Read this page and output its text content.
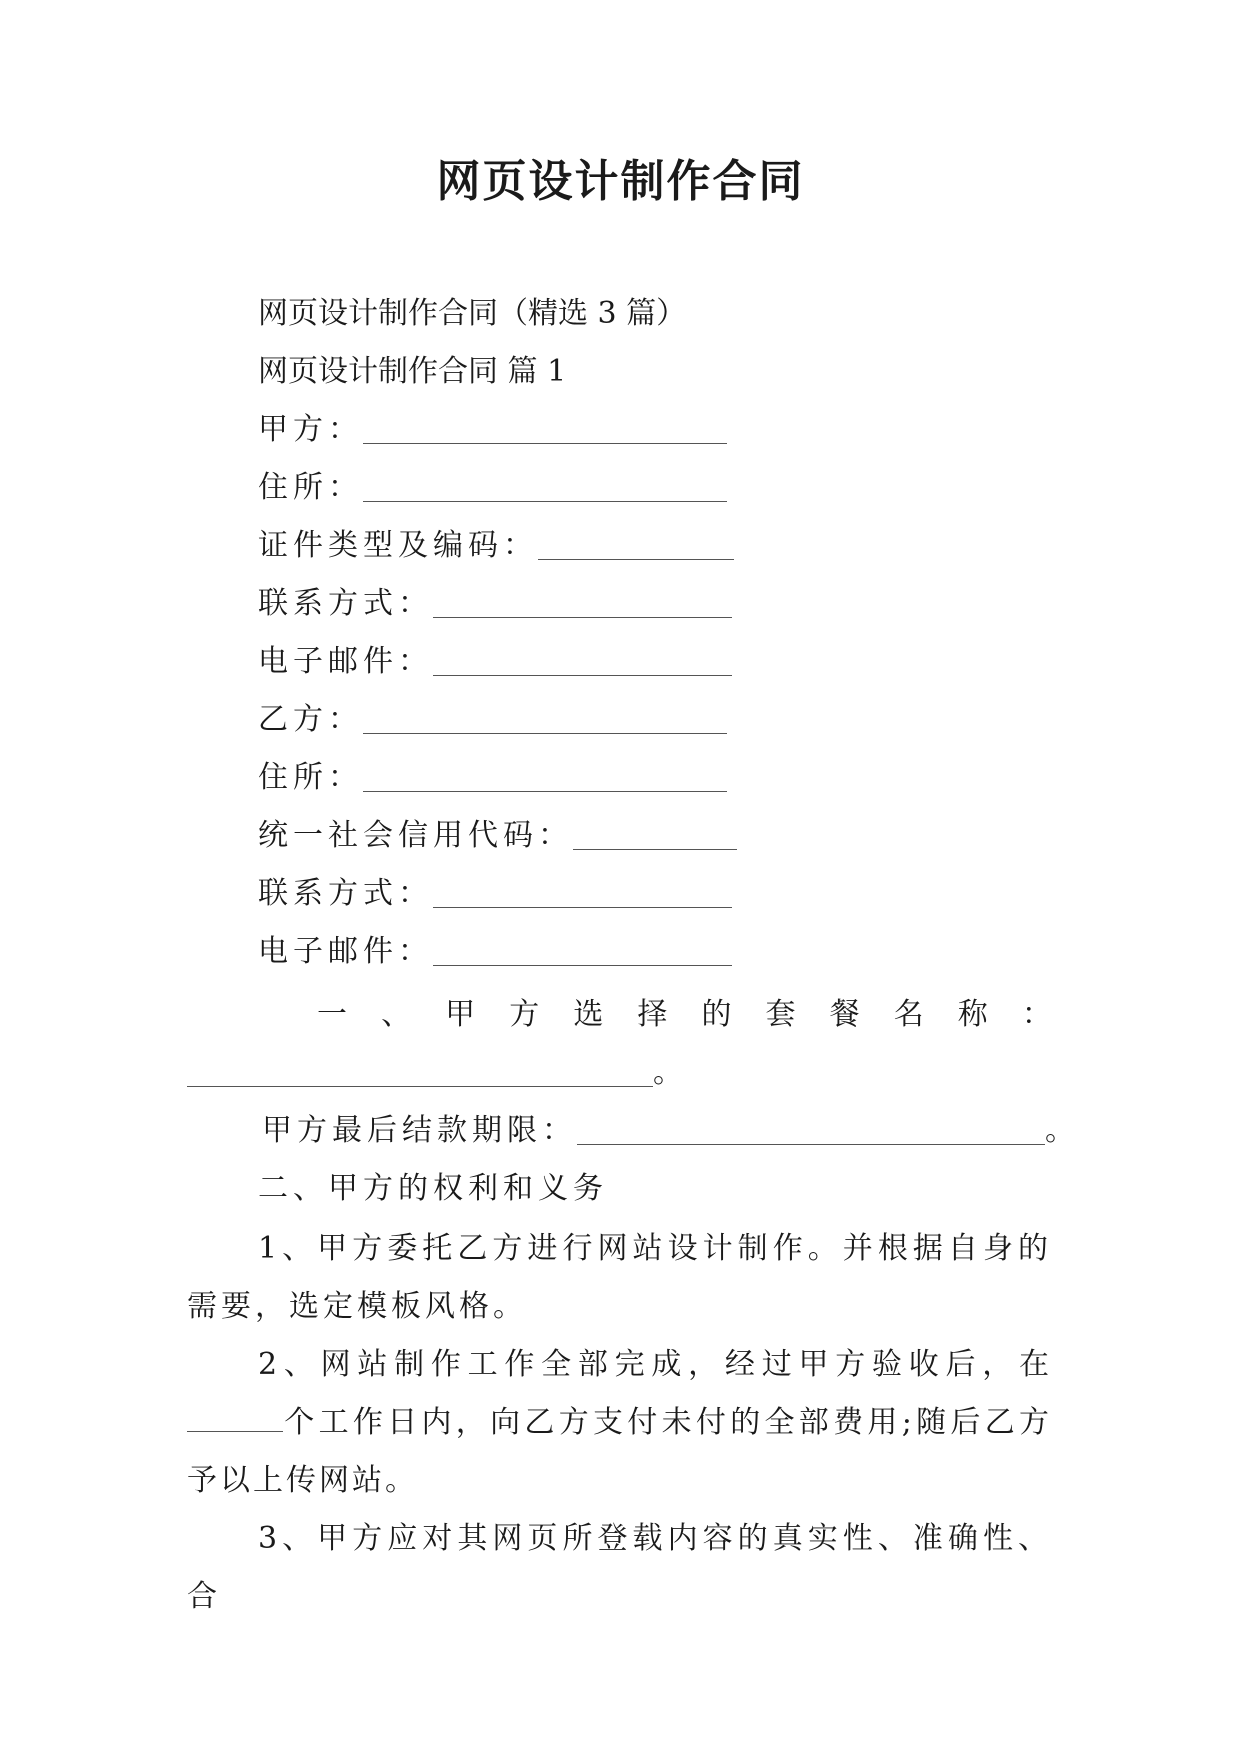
网页设计制作合同
网页设计制作合同（精选 3 篇）
网页设计制作合同 篇 1
甲方：
住所：
证件类型及编码：
联系方式：
电子邮件：
乙方：
住所：
统一社会信用代码：
联系方式：
电子邮件：
一 、 甲 方 选 择 的 套 餐 名 称 ：
。
甲方最后结款期限：	。
二、甲方的权利和义务
1、甲方委托乙方进行网站设计制作。并根据自身的需要，选定模板风格。
2、网站制作工作全部完成，经过甲方验收后，在个工作日内，向乙方支付未付的全部费用;随后乙方予以上传网站。
3、甲方应对其网页所登载内容的真实性、准确性、合
